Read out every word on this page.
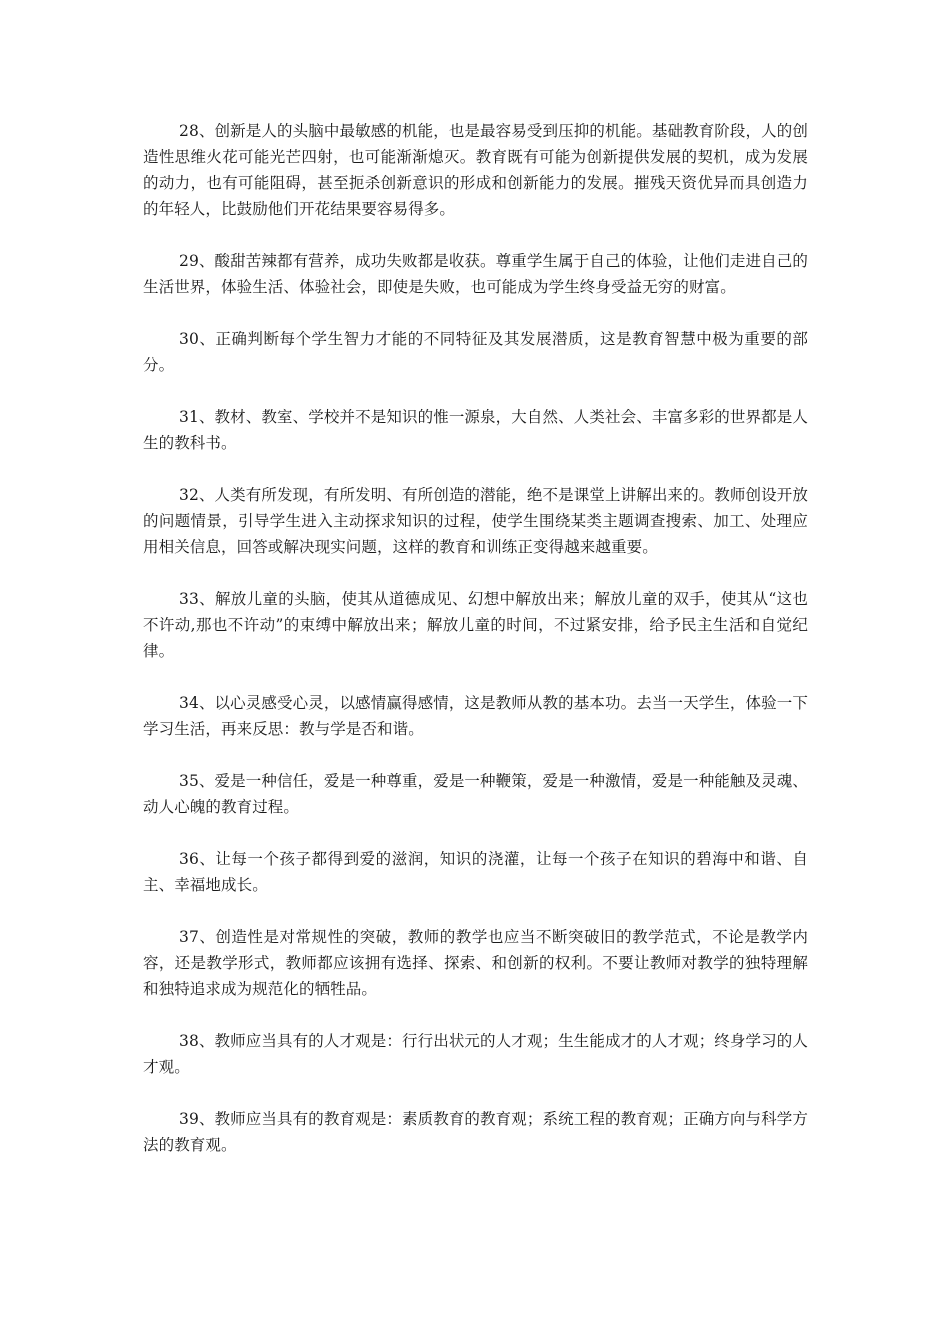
28、创新是人的头脑中最敏感的机能，也是最容易受到压抑的机能。基础教育阶段，人的创造性思维火花可能光芒四射，也可能渐渐熄灭。教育既有可能为创新提供发展的契机，成为发展的动力，也有可能阻碍，甚至扼杀创新意识的形成和创新能力的发展。摧残天资优异而具创造力的年轻人，比鼓励他们开花结果要容易得多。

29、酸甜苦辣都有营养，成功失败都是收获。尊重学生属于自己的体验，让他们走进自己的生活世界，体验生活、体验社会，即使是失败，也可能成为学生终身受益无穷的财富。

30、正确判断每个学生智力才能的不同特征及其发展潜质，这是教育智慧中极为重要的部分。

31、教材、教室、学校并不是知识的惟一源泉，大自然、人类社会、丰富多彩的世界都是人生的教科书。

32、人类有所发现，有所发明、有所创造的潜能，绝不是课堂上讲解出来的。教师创设开放的问题情景，引导学生进入主动探求知识的过程，使学生围绕某类主题调查搜索、加工、处理应用相关信息，回答或解决现实问题，这样的教育和训练正变得越来越重要。

33、解放儿童的头脑，使其从道德成见、幻想中解放出来；解放儿童的双手，使其从“这也不许动,那也不许动”的束缚中解放出来；解放儿童的时间，不过紧安排，给予民主生活和自觉纪律。

34、以心灵感受心灵，以感情赢得感情，这是教师从教的基本功。去当一天学生，体验一下学习生活，再来反思：教与学是否和谐。

35、爱是一种信任，爱是一种尊重，爱是一种鞭策，爱是一种激情，爱是一种能触及灵魂、动人心魄的教育过程。

36、让每一个孩子都得到爱的滋润，知识的浇灌，让每一个孩子在知识的碧海中和谐、自主、幸福地成长。

37、创造性是对常规性的突破，教师的教学也应当不断突破旧的教学范式，不论是教学内容，还是教学形式，教师都应该拥有选择、探索、和创新的权利。不要让教师对教学的独特理解和独特追求成为规范化的牺牲品。

38、教师应当具有的人才观是：行行出状元的人才观；生生能成才的人才观；终身学习的人才观。

39、教师应当具有的教育观是：素质教育的教育观；系统工程的教育观；正确方向与科学方法的教育观。
